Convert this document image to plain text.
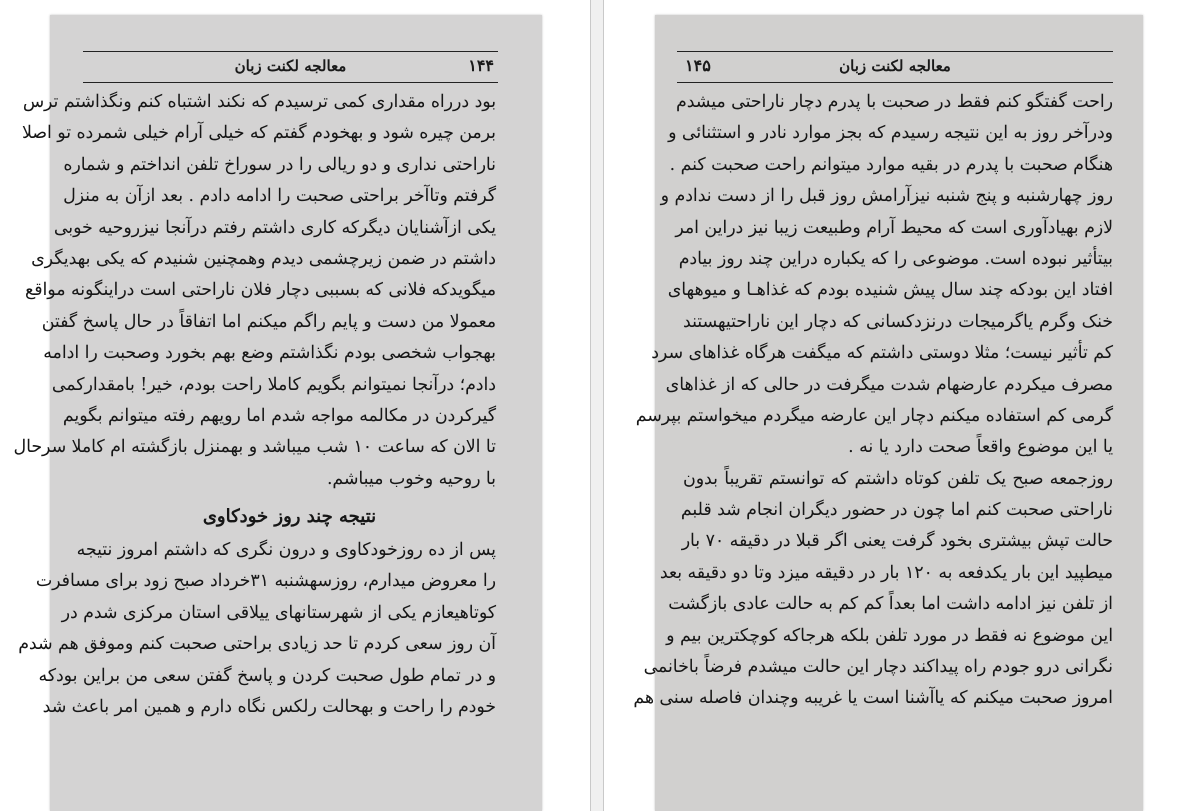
معالجه لکنت زبان	۱۴۴
بود درراه مقداری کمی ترسیدم که نکند اشتباه کنم ونگذاشتم ترس
برمن چیره شود و بهخودم گفتم که خیلی آرام خیلی شمرده تو اصلا
ناراحتی نداری و دو ریالی را در سوراخ تلفن انداختم و شماره
گرفتم وتاآخر براحتی صحبت را ادامه دادم . بعد ازآن به منزل
یکی ازآشنایان دیگرکه کاری داشتم رفتم درآنجا نیزروحیه خوبی
داشتم در ضمن زیرچشمی دیدم وهمچنین شنیدم که یکی بهدیگری
میگویدکه فلانی که بسببی دچار فلان ناراحتی است دراینگونه مواقع
معمولا من دست و پایم راگم میکنم اما اتفاقاً در حال پاسخ گفتن
بهجواب شخصی بودم نگذاشتم وضع بهم بخورد وصحبت را ادامه
دادم؛ درآنجا نمیتوانم بگویم کاملا راحت بودم، خیر! بامقدارکمی
گیرکردن در مکالمه مواجه شدم اما رویهم رفته میتوانم بگویم
تا الان که ساعت ۱۰ شب میباشد و بهمنزل بازگشته ام کاملا سرحال
با روحیه وخوب میباشم.
نتیجه چند روز خودکاوی
پس از ده روزخودکاوی و درون نگری که داشتم امروز نتیجه
را معروض میدارم، روزسهشنبه ۳۱خرداد صبح زود برای مسافرت
کوتاهیعازم یکی از شهرستانهای ییلاقی استان مرکزی شدم در
آن روز سعی کردم تا حد زیادی براحتی صحبت کنم وموفق هم شدم
و در تمام طول صحبت کردن و پاسخ گفتن سعی من براین بودکه
خودم را راحت و بهحالت رلکس نگاه دارم و همین امر باعث شد
معالجه لکنت زبان
۱۴۵
راحت گفتگو کنم فقط در صحبت با پدرم دچار ناراحتی میشدم
ودرآخر روز به این نتیجه رسیدم که بجز موارد نادر و استثنائی و
هنگام صحبت با پدرم در بقیه موارد میتوانم راحت صحبت کنم .
روز چهارشنبه و پنج شنبه نیزآرامش روز قبل را از دست ندادم و
لازم بهیادآوری است که محیط آرام وطبیعت زیبا نیز دراین امر
بیتأثیر نبوده است. موضوعی را که یکباره دراین چند روز بیادم
افتاد این بودکه چند سال پیش شنیده بودم که غذاهـا و میوههای
خنک وگرم یاگرمیجات درنزدکسانی که دچار این ناراحتیهستند
کم تأثیر نیست؛ مثلا دوستی داشتم که میگفت هرگاه غذاهای سرد
مصرف میکردم عارضهام شدت میگرفت در حالی که از غذاهای
گرمی کم استفاده میکنم دچار این عارضه میگردم میخواستم بپرسم
یا این موضوع واقعاً صحت دارد یا نه .
روزجمعه صبح یک تلفن کوتاه داشتم که توانستم تقریباً بدون
ناراحتی صحبت کنم اما چون در حضور دیگران انجام شد قلبم
حالت تپش بیشتری بخود گرفت یعنی اگر قبلا در دقیقه ۷۰ بار
میطپید این بار یکدفعه به ۱۲۰ بار در دقیقه میزد وتا دو دقیقه بعد
از تلفن نیز ادامه داشت اما بعداً کم کم به حالت عادی بازگشت
این موضوع نه فقط در مورد تلفن بلکه هرجاکه کوچکترین بیم و
نگرانی درو جودم راه پیداکند دچار این حالت میشدم فرضاً باخانمی
امروز صحبت میکنم که یاآشنا است یا غریبه وچندان فاصله سنی هم
